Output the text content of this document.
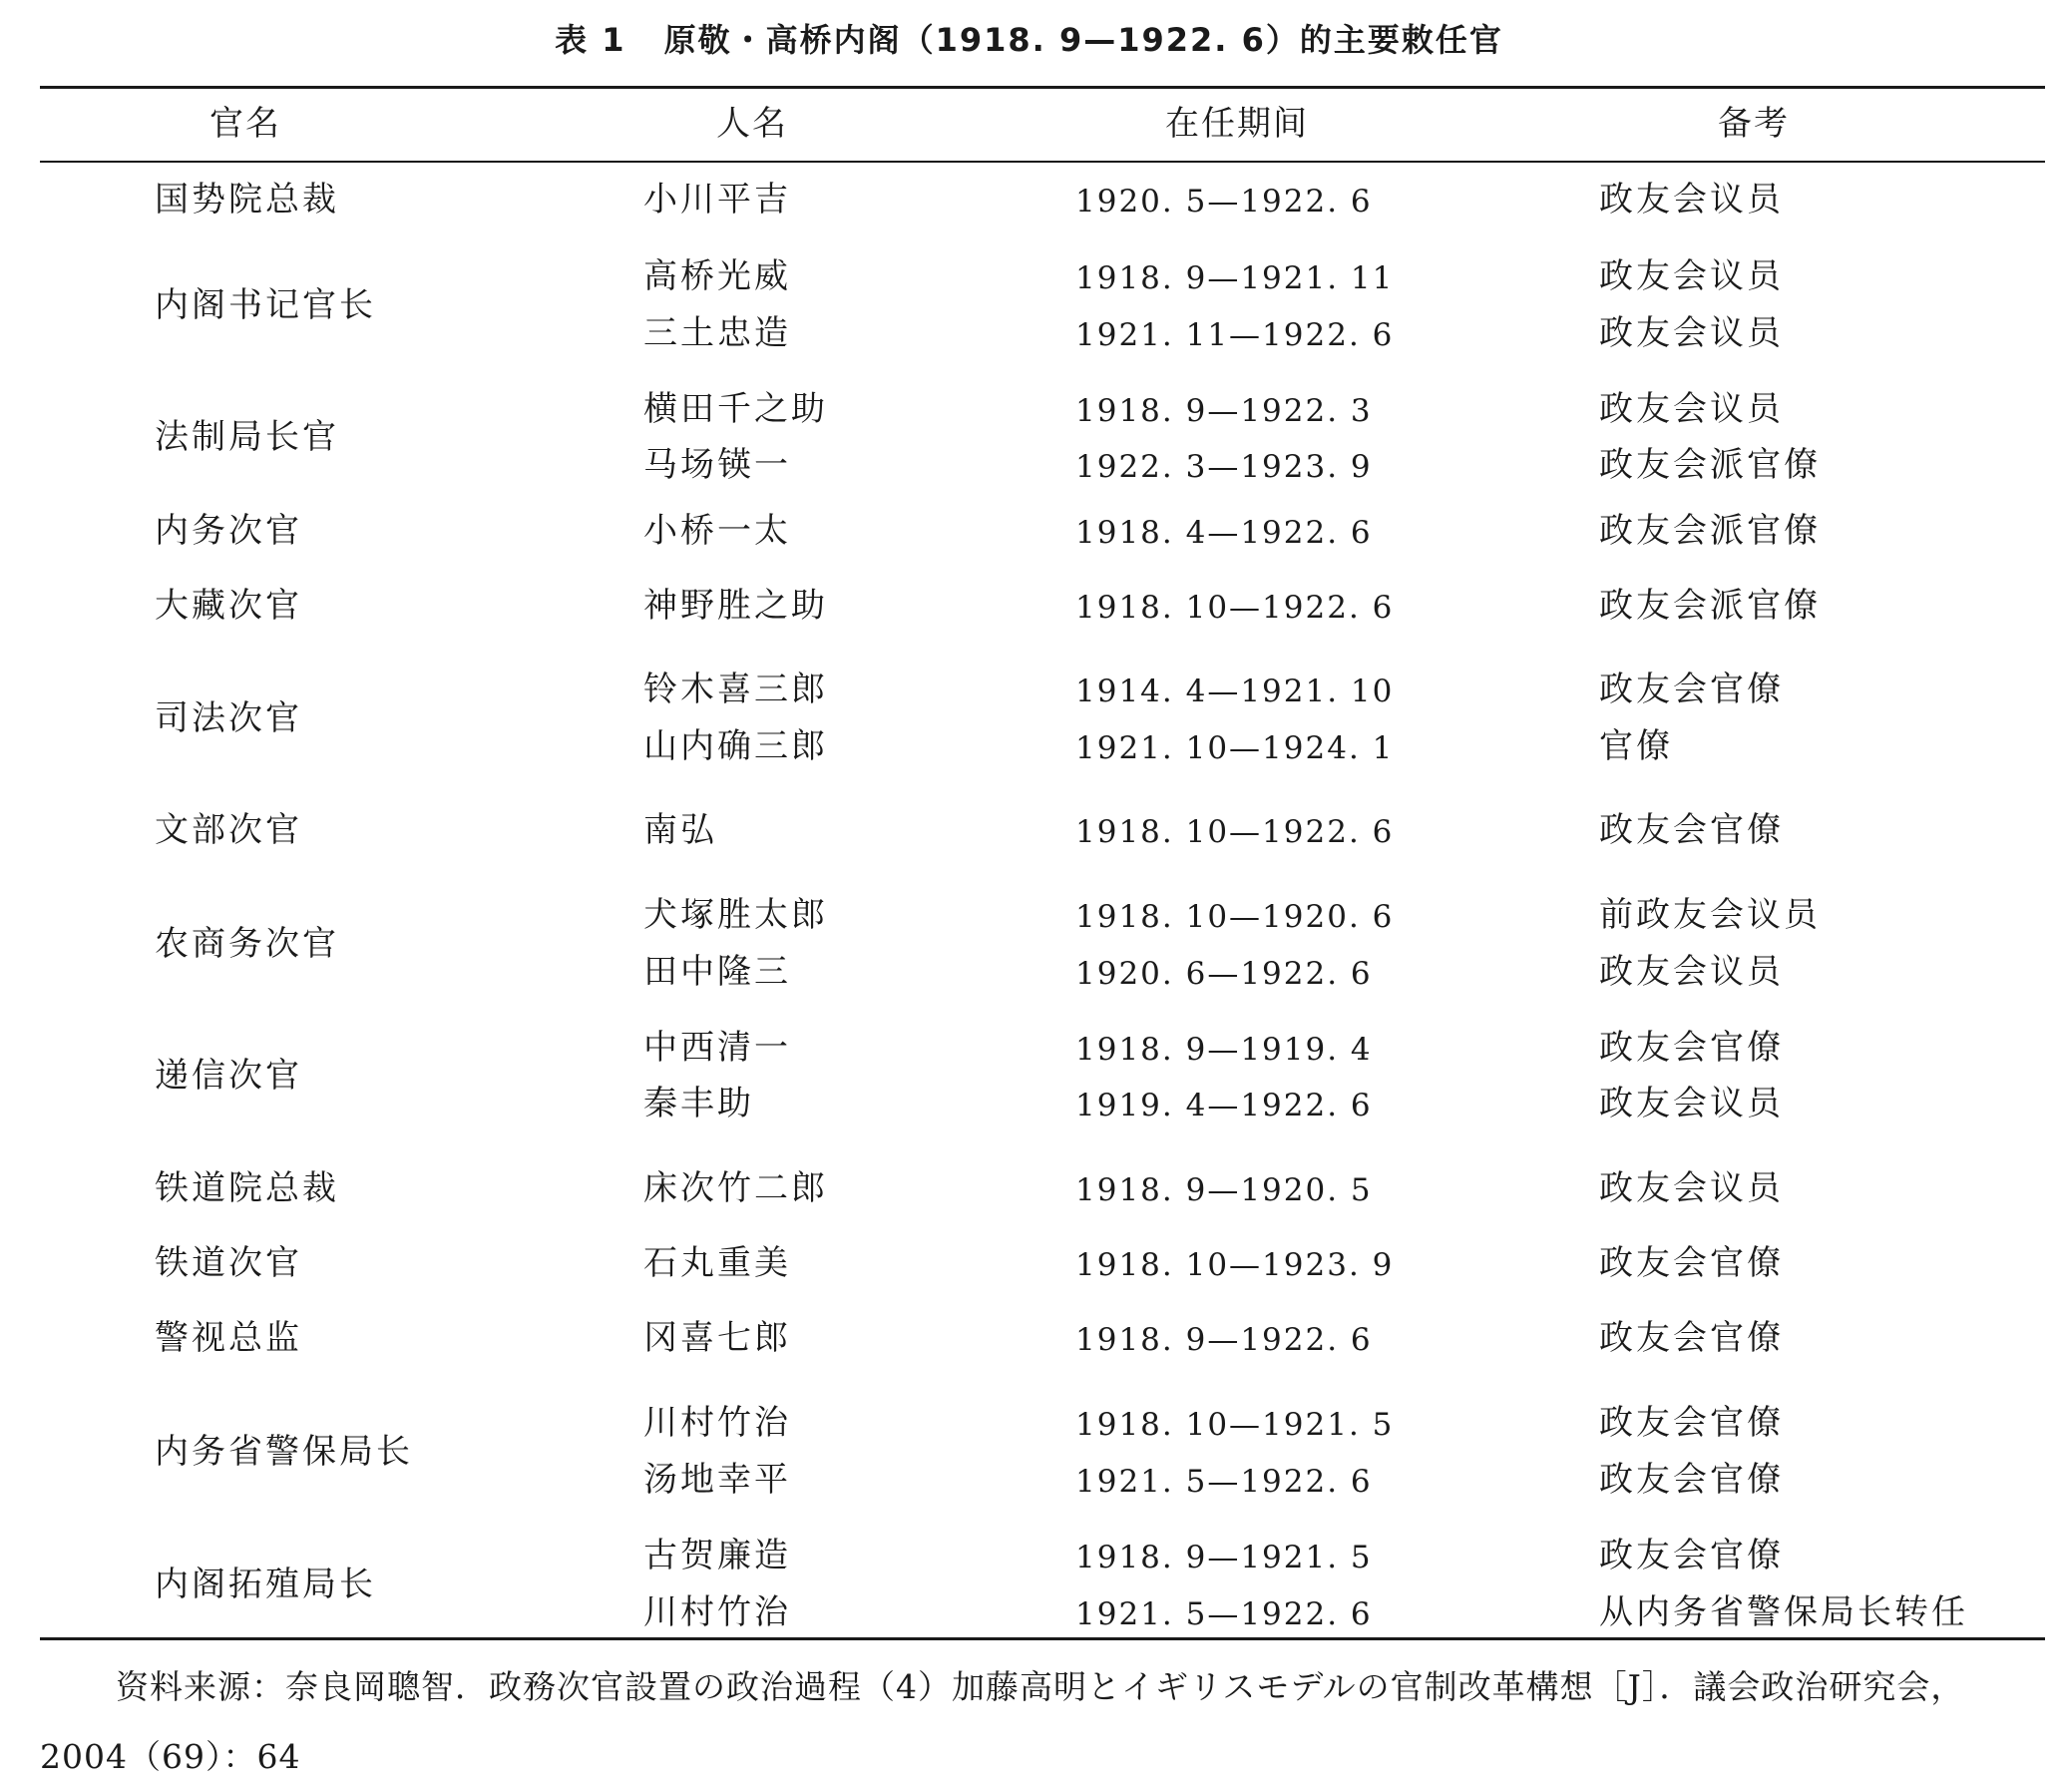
表 1 原敬・高桥内阁（1918. 9—1922. 6）的主要敕任官
官名	人名	在任期间	备考
国势院总裁	小川平吉	1920. 5—1922. 6	政友会议员
内阁书记官长
高桥光威	1918. 9—1921. 11	政友会议员
三土忠造	1921. 11—1922. 6	政友会议员
法制局长官
横田千之助	1918. 9—1922. 3	政友会议员
马场锳一	1922. 3—1923. 9	政友会派官僚
内务次官	小桥一太	1918. 4—1922. 6	政友会派官僚
大藏次官	神野胜之助	1918. 10—1922. 6	政友会派官僚
司法次官
铃木喜三郎	1914. 4—1921. 10	政友会官僚
山内确三郎	1921. 10—1924. 1	官僚
文部次官	南弘	1918. 10—1922. 6	政友会官僚
农商务次官
犬塚胜太郎	1918. 10—1920. 6	前政友会议员
田中隆三	1920. 6—1922. 6	政友会议员
递信次官
中西清一	1918. 9—1919. 4	政友会官僚
秦丰助	1919. 4—1922. 6	政友会议员
铁道院总裁	床次竹二郎	1918. 9—1920. 5	政友会议员
铁道次官	石丸重美	1918. 10—1923. 9	政友会官僚
警视总监	冈喜七郎	1918. 9—1922. 6	政友会官僚
内务省警保局长
川村竹治	1918. 10—1921. 5	政友会官僚
汤地幸平	1921. 5—1922. 6	政友会官僚
内阁拓殖局长
古贺廉造	1918. 9—1921. 5	政友会官僚
川村竹治	1921. 5—1922. 6	从内务省警保局长转任
资料来源：奈良岡聰智．政務次官設置の政治過程（4）加藤高明とイギリスモデルの官制改革構想［J］．議会政治研究会，2004（69）：64
